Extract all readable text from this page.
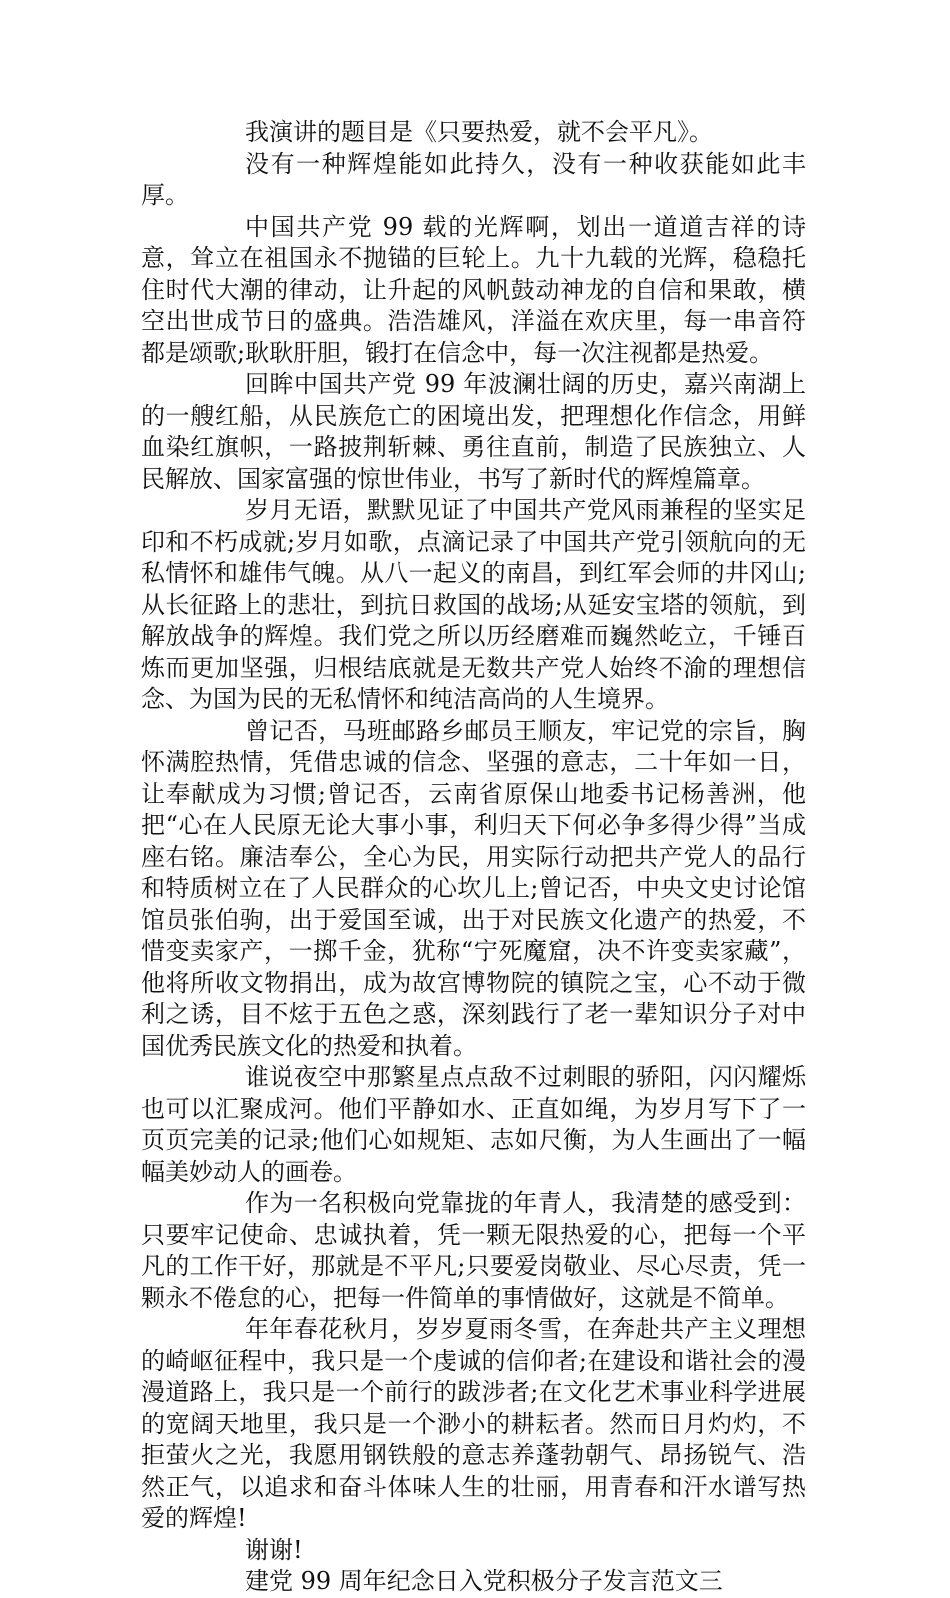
我演讲的题目是《只要热爱，就不会平凡》。

没有一种辉煌能如此持久，没有一种收获能如此丰厚。

中国共产党 99 载的光辉啊，划出一道道吉祥的诗意，耸立在祖国永不抛锚的巨轮上。九十九载的光辉，稳稳托住时代大潮的律动，让升起的风帆鼓动神龙的自信和果敢，横空出世成节日的盛典。浩浩雄风，洋溢在欢庆里，每一串音符都是颂歌;耿耿肝胆，锻打在信念中，每一次注视都是热爱。

回眸中国共产党 99 年波澜壮阔的历史，嘉兴南湖上的一艘红船，从民族危亡的困境出发，把理想化作信念，用鲜血染红旗帜，一路披荆斩棘、勇往直前，制造了民族独立、人民解放、国家富强的惊世伟业，书写了新时代的辉煌篇章。

岁月无语，默默见证了中国共产党风雨兼程的坚实足印和不朽成就;岁月如歌，点滴记录了中国共产党引领航向的无私情怀和雄伟气魄。从八一起义的南昌，到红军会师的井冈山;从长征路上的悲壮，到抗日救国的战场;从延安宝塔的领航，到解放战争的辉煌。我们党之所以历经磨难而巍然屹立，千锤百炼而更加坚强，归根结底就是无数共产党人始终不渝的理想信念、为国为民的无私情怀和纯洁高尚的人生境界。

曾记否，马班邮路乡邮员王顺友，牢记党的宗旨，胸怀满腔热情，凭借忠诚的信念、坚强的意志，二十年如一日，让奉献成为习惯;曾记否，云南省原保山地委书记杨善洲，他把“心在人民原无论大事小事，利归天下何必争多得少得”当成座右铭。廉洁奉公，全心为民，用实际行动把共产党人的品行和特质树立在了人民群众的心坎儿上;曾记否，中央文史讨论馆馆员张伯驹，出于爱国至诚，出于对民族文化遗产的热爱，不惜变卖家产，一掷千金，犹称“宁死魔窟，决不许变卖家藏”，他将所收文物捐出，成为故宫博物院的镇院之宝，心不动于微利之诱，目不炫于五色之惑，深刻践行了老一辈知识分子对中国优秀民族文化的热爱和执着。

谁说夜空中那繁星点点敌不过刺眼的骄阳，闪闪耀烁也可以汇聚成河。他们平静如水、正直如绳，为岁月写下了一页页完美的记录;他们心如规矩、志如尺衡，为人生画出了一幅幅美妙动人的画卷。

作为一名积极向党靠拢的年青人，我清楚的感受到：只要牢记使命、忠诚执着，凭一颗无限热爱的心，把每一个平凡的工作干好，那就是不平凡;只要爱岗敬业、尽心尽责，凭一颗永不倦怠的心，把每一件简单的事情做好，这就是不简单。

年年春花秋月，岁岁夏雨冬雪，在奔赴共产主义理想的崎岖征程中，我只是一个虔诚的信仰者;在建设和谐社会的漫漫道路上，我只是一个前行的跋涉者;在文化艺术事业科学进展的宽阔天地里，我只是一个渺小的耕耘者。然而日月灼灼，不拒萤火之光，我愿用钢铁般的意志养蓬勃朝气、昂扬锐气、浩然正气，以追求和奋斗体味人生的壮丽，用青春和汗水谱写热爱的辉煌!

谢谢!

建党 99 周年纪念日入党积极分子发言范文三
